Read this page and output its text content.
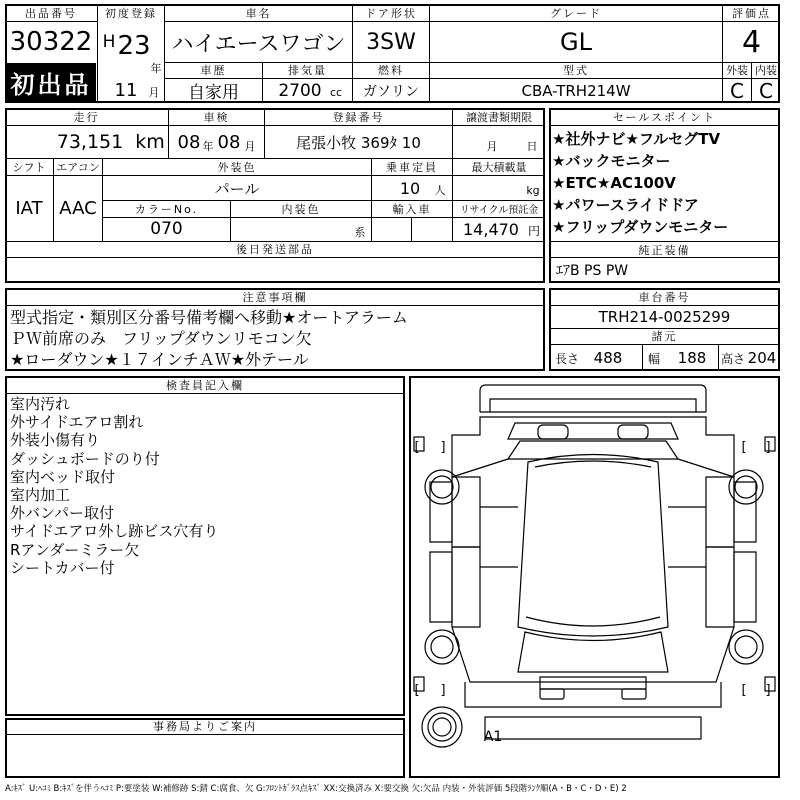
出品番号
30322
初出品
初度登録
H 23
年
11	月
車名
ハイエースワゴン
ドア形状
3SW
グレード
GL
評価点
4
車歴
自家用
排気量
2700 cc
燃料
ガソリン
型式
CBA-TRH214W
外装 内装
C C
走行
73,151 km
車検
08 年 08 月
登録番号
尾張小牧 369ﾀ 10
譲渡書類期限
月	日
シフト エアコン
IAT AAC
外装色
パール
乗車定員
10	人
最大積載量
kg
カラーNo.
070
内装色
系
輸入車	リサイクル預託金
14,470 円
後日発送部品
セールスポイント
★社外ナビ★フルセグTV
★バックモニター
★ETC★AC100V
★パワースライドドア
★フリップダウンモニター
純正装備
ｴｱB PS PW
注意事項欄
型式指定・類別区分番号備考欄へ移動★オートアラーム
ＰＷ前席のみ　フリップダウンリモコン欠
★ローダウン★１７インチＡＷ★外テール
車台番号
TRH214-0025299
諸元
長さ 488	幅	188	高さ 204
検査員記入欄
室内汚れ
外サイドエアロ割れ
外装小傷有り
ダッシュボードのり付
室内ベッド取付
室内加工
外バンパー取付
サイドエアロ外し跡ビス穴有り
Rアンダーミラー欠
シートカバー付
事務局よりご案内
[ ]	[ ]
[ ]	[ ]
A1
A:ｷｽﾞ U:ﾍｺﾐ B:ｷｽﾞを伴うﾍｺﾐ P:要塗装 W:補修跡 S:錆 C:腐食、欠 G:ﾌﾛﾝﾄｶﾞﾗｽ点ｷｽﾞ XX:交換済み X:要交換 欠:欠品 内装・外装評価 5段階ﾗﾝｸ順(A・B・C・D・E) 2
